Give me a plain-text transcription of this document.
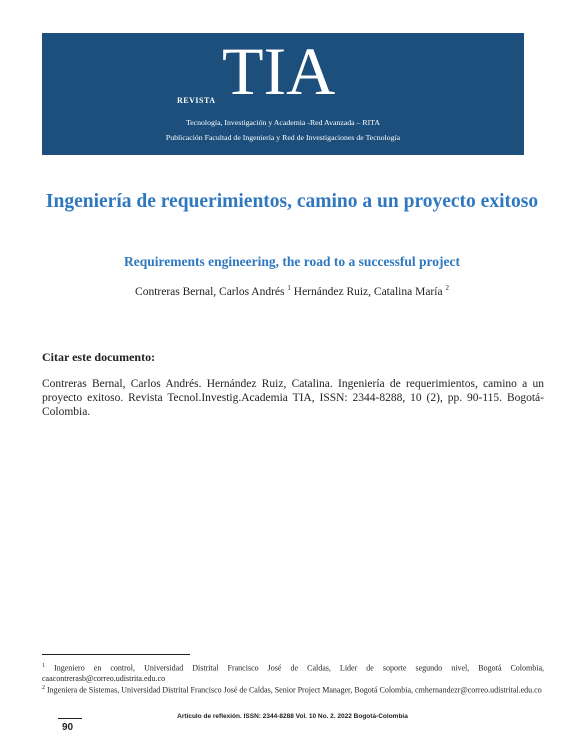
REVISTA TIA
Tecnología, Investigación y Academia -Red Avanzada – RITA
Publicación Facultad de Ingeniería y Red de Investigaciones de Tecnología
Ingeniería de requerimientos, camino a un proyecto exitoso
Requirements engineering, the road to a successful project
Contreras Bernal, Carlos Andrés $^1$ Hernández Ruiz, Catalina María $^2$
Citar este documento:
Contreras Bernal, Carlos Andrés. Hernández Ruiz, Catalina. Ingeniería de requerimientos, camino a un proyecto exitoso. Revista Tecnol.Investig.Academia TIA, ISSN: 2344-8288, 10 (2), pp. 90-115. Bogotá-Colombia.
$^1$ Ingeniero en control, Universidad Distrital Francisco José de Caldas, Lider de soporte segundo nivel, Bogotá Colombia, caacontrerasb@correo.udistrita.edu.co
$^2$ Ingeniera de Sistemas, Universidad Distrital Francisco José de Caldas, Senior Project Manager, Bogotá Colombia, cmhernandezr@correo.udistrital.edu.co
Artículo de reflexión. ISSN: 2344-8288 Vol. 10 No. 2. 2022 Bogotá-Colombia
90
